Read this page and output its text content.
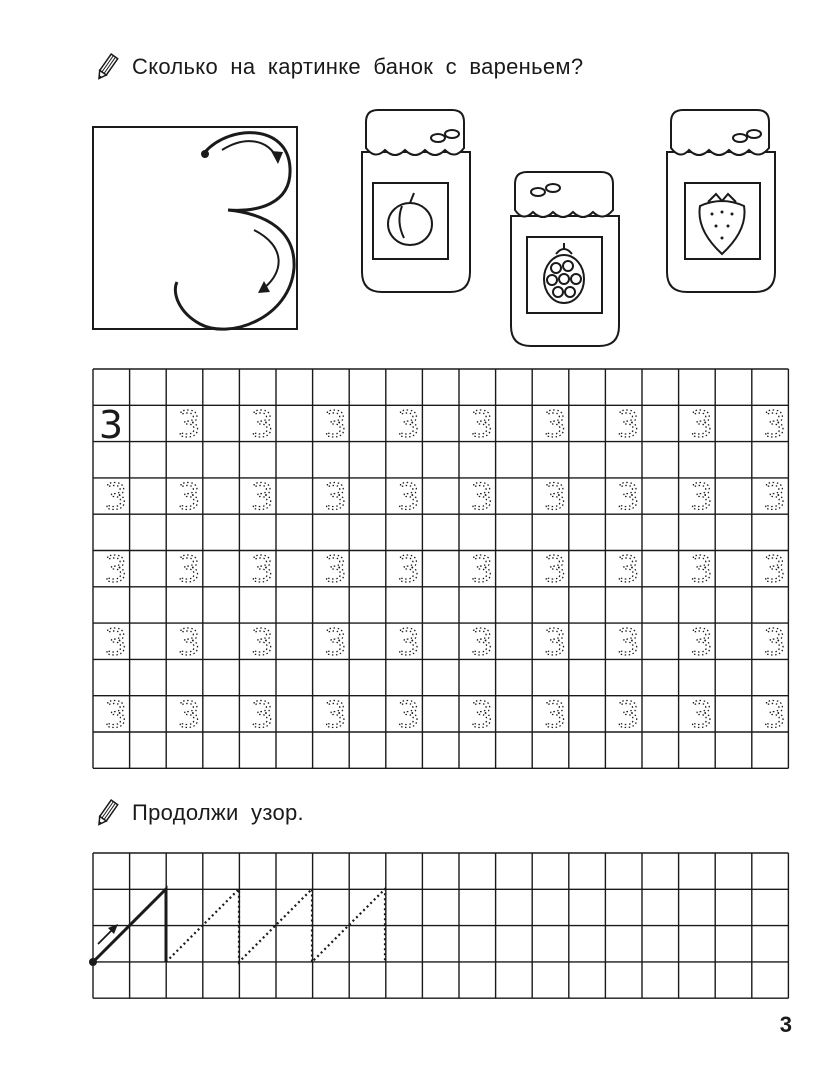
Сколько на картинке банок с вареньем?
3 3 3 3 3 3 3 3 3 3
3 3 3 3 3 3 3 3 3 3
3 3 3 3 3 3 3 3 3 3
3 3 3 3 3 3 3 3 3 3
3 3 3 3 3 3 3 3 3 3
Продолжи узор.
3
